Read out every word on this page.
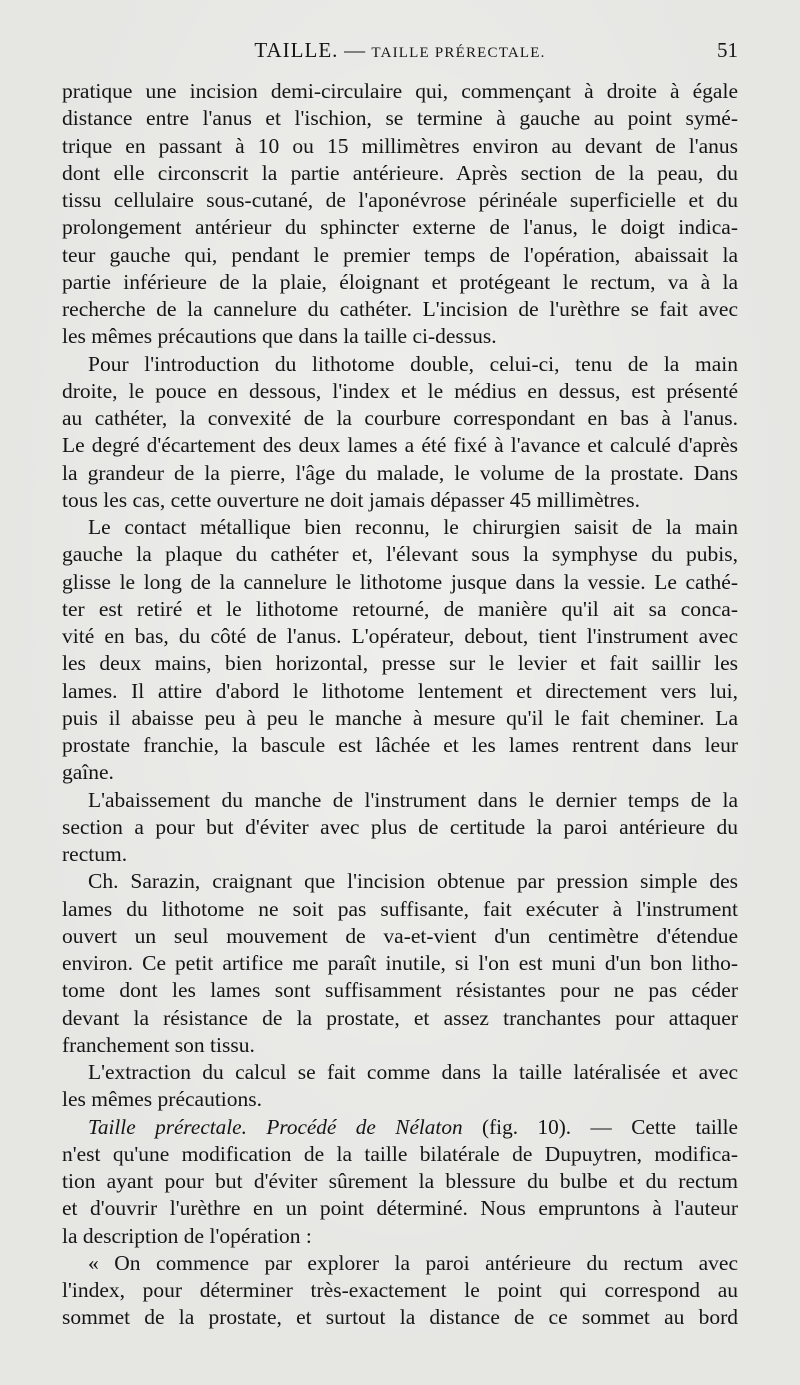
TAILLE. — TAILLE PRÉRECTALE.	51
pratique une incision demi-circulaire qui, commençant à droite à égale
distance entre l'anus et l'ischion, se termine à gauche au point symé-
trique en passant à 10 ou 15 millimètres environ au devant de l'anus
dont elle circonscrit la partie antérieure. Après section de la peau, du
tissu cellulaire sous-cutané, de l'aponévrose périnéale superficielle et du
prolongement antérieur du sphincter externe de l'anus, le doigt indica-
teur gauche qui, pendant le premier temps de l'opération, abaissait la
partie inférieure de la plaie, éloignant et protégeant le rectum, va à la
recherche de la cannelure du cathéter. L'incision de l'urèthre se fait avec
les mêmes précautions que dans la taille ci-dessus.
Pour l'introduction du lithotome double, celui-ci, tenu de la main
droite, le pouce en dessous, l'index et le médius en dessus, est présenté
au cathéter, la convexité de la courbure correspondant en bas à l'anus.
Le degré d'écartement des deux lames a été fixé à l'avance et calculé d'après
la grandeur de la pierre, l'âge du malade, le volume de la prostate. Dans
tous les cas, cette ouverture ne doit jamais dépasser 45 millimètres.
Le contact métallique bien reconnu, le chirurgien saisit de la main
gauche la plaque du cathéter et, l'élevant sous la symphyse du pubis,
glisse le long de la cannelure le lithotome jusque dans la vessie. Le cathé-
ter est retiré et le lithotome retourné, de manière qu'il ait sa conca-
vité en bas, du côté de l'anus. L'opérateur, debout, tient l'instrument avec
les deux mains, bien horizontal, presse sur le levier et fait saillir les
lames. Il attire d'abord le lithotome lentement et directement vers lui,
puis il abaisse peu à peu le manche à mesure qu'il le fait cheminer. La
prostate franchie, la bascule est lâchée et les lames rentrent dans leur
gaîne.
L'abaissement du manche de l'instrument dans le dernier temps de la
section a pour but d'éviter avec plus de certitude la paroi antérieure du
rectum.
Ch. Sarazin, craignant que l'incision obtenue par pression simple des
lames du lithotome ne soit pas suffisante, fait exécuter à l'instrument
ouvert un seul mouvement de va-et-vient d'un centimètre d'étendue
environ. Ce petit artifice me paraît inutile, si l'on est muni d'un bon litho-
tome dont les lames sont suffisamment résistantes pour ne pas céder
devant la résistance de la prostate, et assez tranchantes pour attaquer
franchement son tissu.
L'extraction du calcul se fait comme dans la taille latéralisée et avec
les mêmes précautions.
Taille prérectale. Procédé de Nélaton (fig. 10). — Cette taille
n'est qu'une modification de la taille bilatérale de Dupuytren, modifica-
tion ayant pour but d'éviter sûrement la blessure du bulbe et du rectum
et d'ouvrir l'urèthre en un point déterminé. Nous empruntons à l'auteur
la description de l'opération :
« On commence par explorer la paroi antérieure du rectum avec
l'index, pour déterminer très-exactement le point qui correspond au
sommet de la prostate, et surtout la distance de ce sommet au bord
